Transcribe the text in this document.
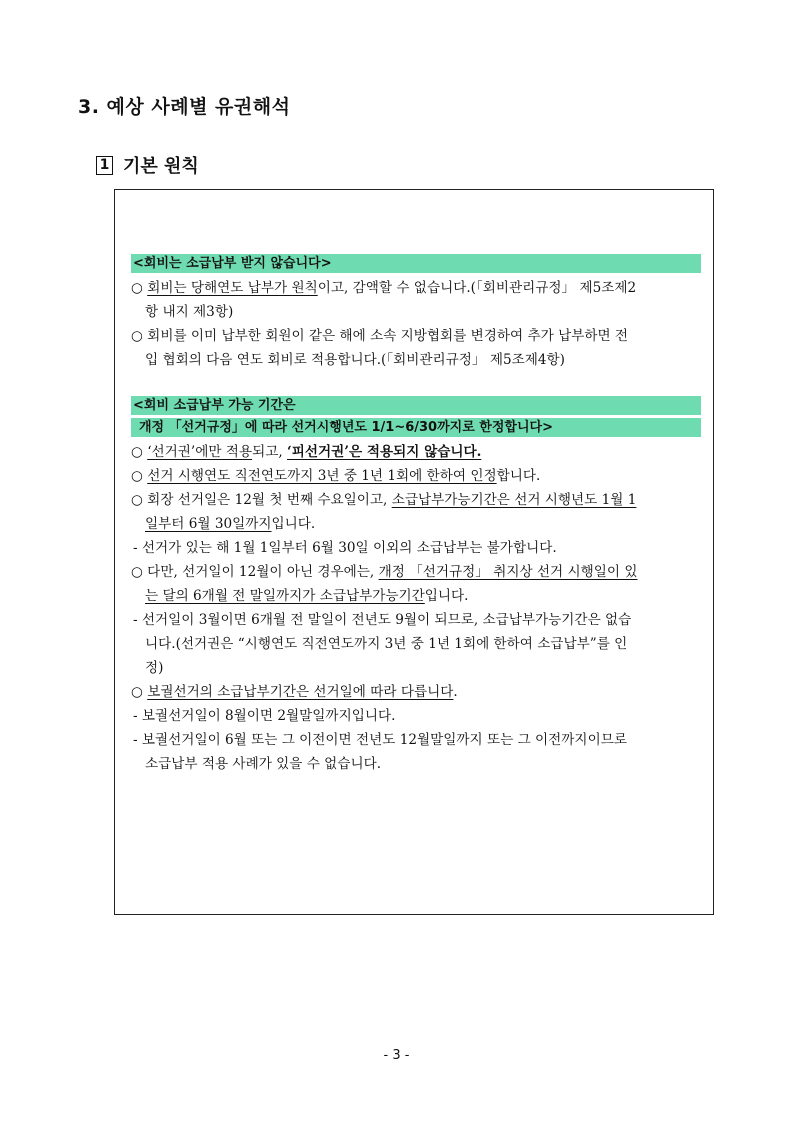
3. 예상 사례별 유권해석
1 기본 원칙
<회비는 소급납부 받지 않습니다>
○ 회비는 당해연도 납부가 원칙이고, 감액할 수 없습니다.(「회비관리규정」 제5조제2
항 내지 제3항)
○ 회비를 이미 납부한 회원이 같은 해에 소속 지방협회를 변경하여 추가 납부하면 전
입 협회의 다음 연도 회비로 적용합니다.(「회비관리규정」 제5조제4항)
<회비 소급납부 가능 기간은
개정 「선거규정」에 따라 선거시행년도 1/1~6/30까지로 한정합니다>
○ ‘선거권’에만 적용되고, ‘피선거권’은 적용되지 않습니다.
○ 선거 시행연도 직전연도까지 3년 중 1년 1회에 한하여 인정합니다.
○ 회장 선거일은 12월 첫 번째 수요일이고, 소급납부가능기간은 선거 시행년도 1월 1
일부터 6월 30일까지입니다.
- 선거가 있는 해 1월 1일부터 6월 30일 이외의 소급납부는 불가합니다.
○ 다만, 선거일이 12월이 아닌 경우에는, 개정 「선거규정」 취지상 선거 시행일이 있
는 달의 6개월 전 말일까지가 소급납부가능기간입니다.
- 선거일이 3월이면 6개월 전 말일이 전년도 9월이 되므로, 소급납부가능기간은 없습
니다.(선거권은 “시행연도 직전연도까지 3년 중 1년 1회에 한하여 소급납부”를 인
정)
○ 보궐선거의 소급납부기간은 선거일에 따라 다릅니다.
- 보궐선거일이 8월이면 2월말일까지입니다.
- 보궐선거일이 6월 또는 그 이전이면 전년도 12월말일까지 또는 그 이전까지이므로
소급납부 적용 사례가 있을 수 없습니다.
- 3 -
